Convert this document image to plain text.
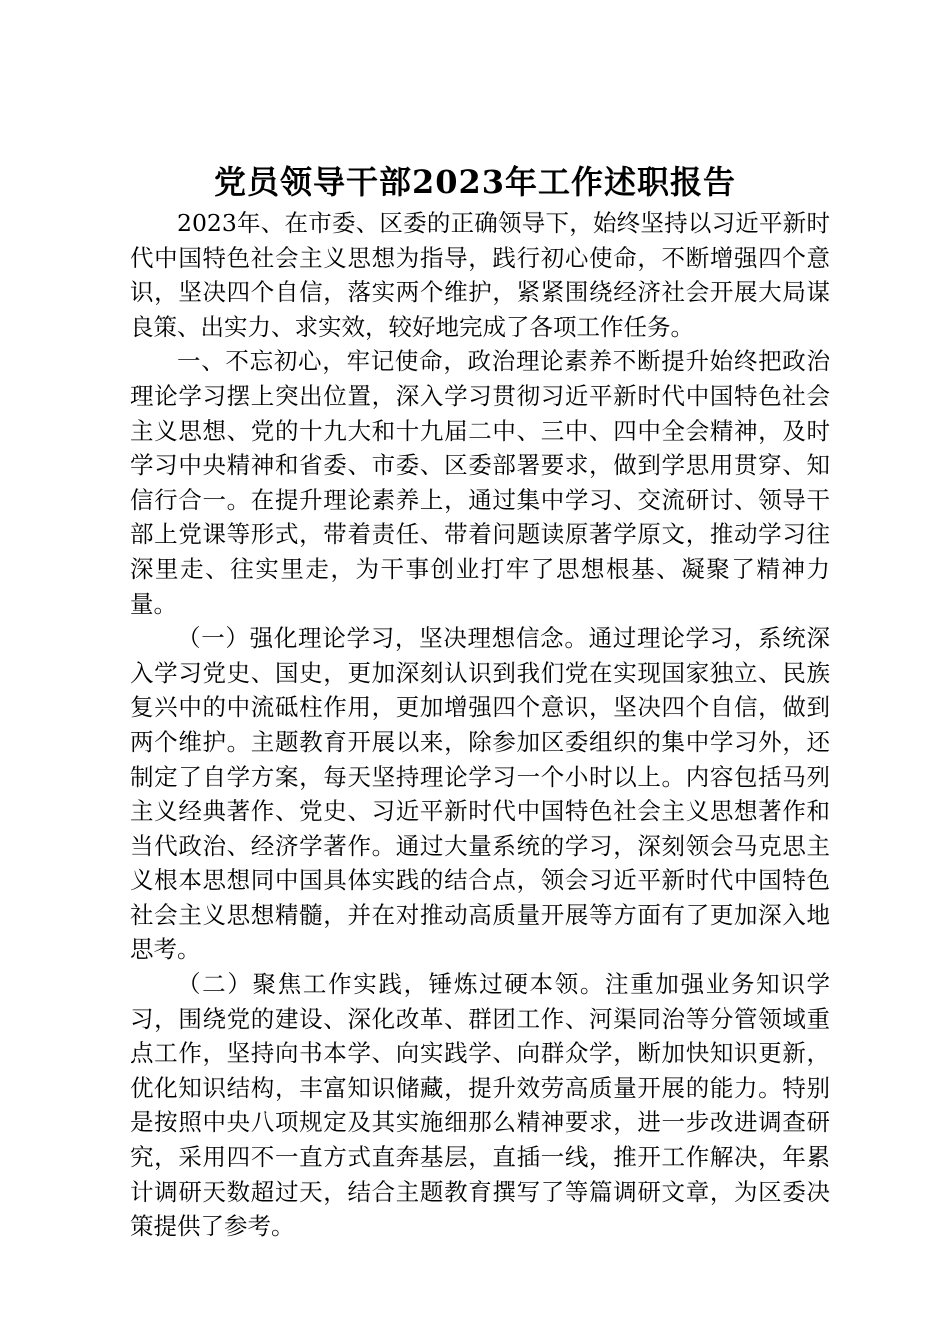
党员领导干部2023年工作述职报告

2023年、在市委、区委的正确领导下，始终坚持以习近平新时代中国特色社会主义思想为指导，践行初心使命，不断增强四个意识，坚决四个自信，落实两个维护，紧紧围绕经济社会开展大局谋良策、出实力、求实效，较好地完成了各项工作任务。

一、不忘初心，牢记使命，政治理论素养不断提升始终把政治理论学习摆上突出位置，深入学习贯彻习近平新时代中国特色社会主义思想、党的十九大和十九届二中、三中、四中全会精神，及时学习中央精神和省委、市委、区委部署要求，做到学思用贯穿、知信行合一。在提升理论素养上，通过集中学习、交流研讨、领导干部上党课等形式，带着责任、带着问题读原著学原文，推动学习往深里走、往实里走，为干事创业打牢了思想根基、凝聚了精神力量。

（一）强化理论学习，坚决理想信念。通过理论学习，系统深入学习党史、国史，更加深刻认识到我们党在实现国家独立、民族复兴中的中流砥柱作用，更加增强四个意识，坚决四个自信，做到两个维护。主题教育开展以来，除参加区委组织的集中学习外，还制定了自学方案，每天坚持理论学习一个小时以上。内容包括马列主义经典著作、党史、习近平新时代中国特色社会主义思想著作和当代政治、经济学著作。通过大量系统的学习，深刻领会马克思主义根本思想同中国具体实践的结合点，领会习近平新时代中国特色社会主义思想精髓，并在对推动高质量开展等方面有了更加深入地思考。

（二）聚焦工作实践，锤炼过硬本领。注重加强业务知识学习，围绕党的建设、深化改革、群团工作、河渠同治等分管领域重点工作，坚持向书本学、向实践学、向群众学，断加快知识更新，优化知识结构，丰富知识储藏，提升效劳高质量开展的能力。特别是按照中央八项规定及其实施细那么精神要求，进一步改进调查研究，采用四不一直方式直奔基层，直插一线，推开工作解决，年累计调研天数超过天，结合主题教育撰写了等篇调研文章，为区委决策提供了参考。
